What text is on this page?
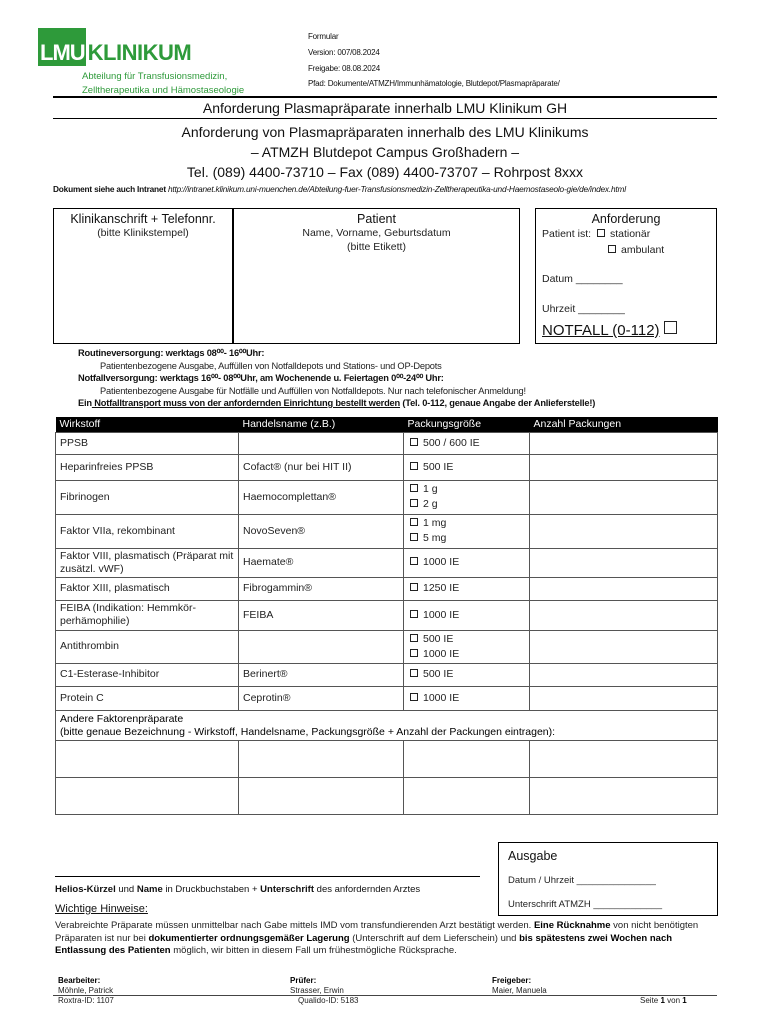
LMU KLINIKUM
Abteilung für Transfusionsmedizin,
Zelltherapeutika und Hämostaseologie
Formular
Version: 007/08.2024
Freigabe: 08.08.2024
Pfad: Dokumente/ATMZH/Immunhämatologie, Blutdepot/Plasmapräparate/
Anforderung Plasmapräparate innerhalb LMU Klinikum GH
Anforderung von Plasmapräparaten innerhalb des LMU Klinikums
– ATMZH Blutdepot Campus Großhadern –
Tel. (089) 4400-73710 – Fax (089) 4400-73707 – Rohrpost 8xxx
Dokument siehe auch Intranet http://intranet.klinikum.uni-muenchen.de/Abteilung-fuer-Transfusionsmedizin-Zelltherapeutika-und-Haemostaseolo-gie/de/index.html
Klinikanschrift + Telefonnr.
(bitte Klinikstempel)
Patient
Name, Vorname, Geburtsdatum
(bitte Etikett)
Anforderung
Patient ist: stationär
ambulant
Datum ________
Uhrzeit ________
NOTFALL (0-112)
Routineversorgung: werktags 08⁰⁰- 16⁰⁰Uhr:
Patientenbezogene Ausgabe, Auffüllen von Notfalldepots und Stations- und OP-Depots
Notfallversorgung: werktags 16⁰⁰- 08⁰⁰Uhr, am Wochenende u. Feiertagen 0⁰⁰-24⁰⁰ Uhr:
Patientenbezogene Ausgabe für Notfälle und Auffüllen von Notfalldepots. Nur nach telefonischer Anmeldung!
Ein Notfalltransport muss von der anfordernden Einrichtung bestellt werden (Tel. 0-112, genaue Angabe der Anlieferstelle!)
Wirkstoff	Handelsname (z.B.)	Packungsgröße	Anzahl Packungen
PPSB		500 / 600 IE	

Heparinfreies PPSB	Cofact® (nur bei HIT II)	500 IE	

Fibrinogen	Haemocomplettan®	1 g
2 g	

Faktor VIIa, rekombinant	NovoSeven®	1 mg
5 mg	

Faktor VIII, plasmatisch (Präparat mit zusätzl. vWF)	Haemate®	1000 IE	

Faktor XIII, plasmatisch	Fibrogammin®	1250 IE	

FEIBA (Indikation: Hemmkör-perhämophilie)	FEIBA	1000 IE	

Antithrombin		500 IE
1000 IE	

C1-Esterase-Inhibitor	Berinert®	500 IE	

Protein C	Ceprotin®	1000 IE	

Andere Faktorenpräparate
(bitte genaue Bezeichnung - Wirkstoff, Handelsname, Packungsgröße + Anzahl der Packungen eintragen):			

Helios-Kürzel und Name in Druckbuchstaben + Unterschrift des anfordernden Arztes
Wichtige Hinweise:
Ausgabe
Datum / Uhrzeit _______________
Unterschrift ATMZH _____________
Verabreichte Präparate müssen unmittelbar nach Gabe mittels IMD vom transfundierenden Arzt bestätigt werden. Eine Rücknahme von nicht benötigten Präparaten ist nur bei dokumentierter ordnungsgemäßer Lagerung (Unterschrift auf dem Lieferschein) und bis spätestens zwei Wochen nach Entlassung des Patienten möglich, wir bitten in diesem Fall um frühestmögliche Rücksprache.
Bearbeiter:
Möhnle, Patrick
Roxtra-ID: 1107
Prüfer:
Strasser, Erwin
Qualido-ID: 5183
Freigeber:
Maier, Manuela
Seite 1 von 1
